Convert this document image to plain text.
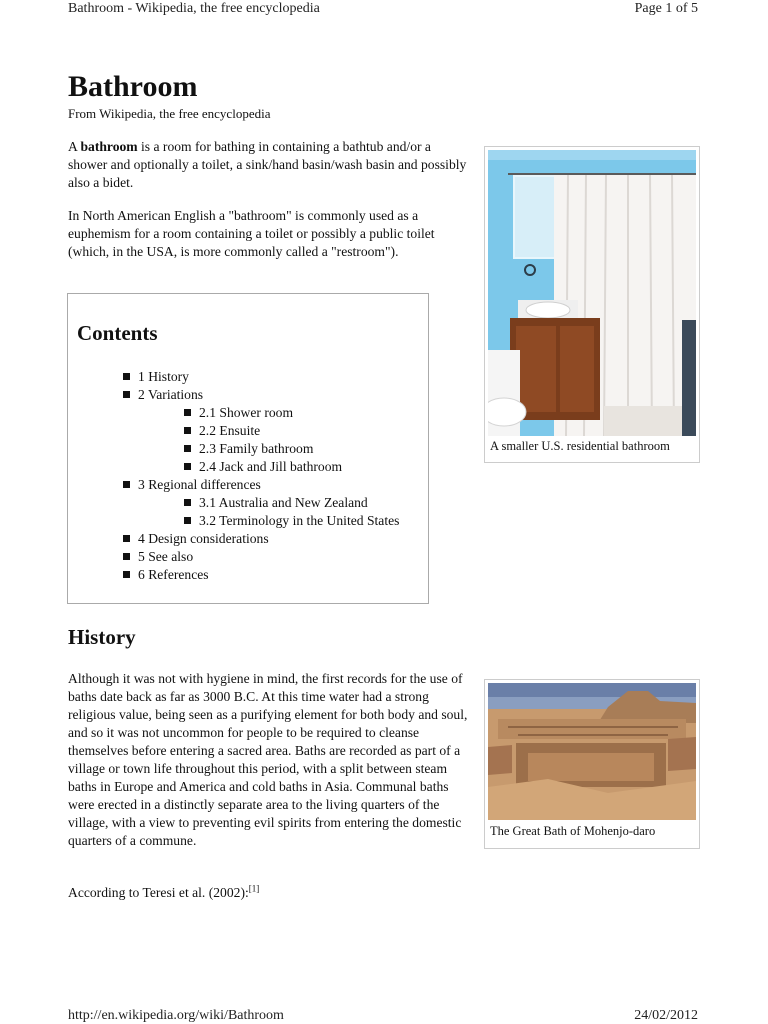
Bathroom - Wikipedia, the free encyclopedia	Page 1 of 5
Bathroom
From Wikipedia, the free encyclopedia

A bathroom is a room for bathing in containing a bathtub and/or a shower and optionally a toilet, a sink/hand basin/wash basin and possibly also a bidet.

In North American English a "bathroom" is commonly used as a euphemism for a room containing a toilet or possibly a public toilet (which, in the USA, is more commonly called a "restroom").

Contents
1 History
2 Variations
2.1 Shower room
2.2 Ensuite
2.3 Family bathroom
2.4 Jack and Jill bathroom
3 Regional differences
3.1 Australia and New Zealand
3.2 Terminology in the United States
4 Design considerations
5 See also
6 References
A smaller U.S. residential bathroom
History

Although it was not with hygiene in mind, the first records for the use of baths date back as far as 3000 B.C. At this time water had a strong religious value, being seen as a purifying element for both body and soul, and so it was not uncommon for people to be required to cleanse themselves before entering a sacred area. Baths are recorded as part of a village or town life throughout this period, with a split between steam baths in Europe and America and cold baths in Asia. Communal baths were erected in a distinctly separate area to the living quarters of the village, with a view to preventing evil spirits from entering the domestic quarters of a commune.

The Great Bath of Mohenjo-daro

According to Teresi et al. (2002):[1]

http://en.wikipedia.org/wiki/Bathroom	24/02/2012
